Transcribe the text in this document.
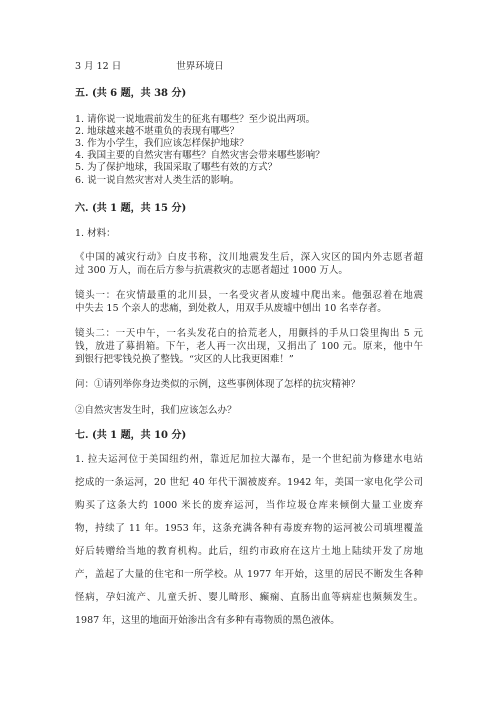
3 月 12 日	世界环境日
五. (共 6 题，共 38 分)
1. 请你说一说地震前发生的征兆有哪些？至少说出两项。
2. 地球越来越不堪重负的表现有哪些？
3. 作为小学生，我们应该怎样保护地球？
4. 我国主要的自然灾害有哪些？自然灾害会带来哪些影响？
5. 为了保护地球，我国采取了哪些有效的方式？
6. 说一说自然灾害对人类生活的影响。
六. (共 1 题，共 15 分)
1. 材料：
《中国的减灾行动》白皮书称，汶川地震发生后，深入灾区的国内外志愿者超
过 300 万人，而在后方参与抗震救灾的志愿者超过 1000 万人。
镜头一：在灾情最重的北川县，一名受灾者从废墟中爬出来。他强忍着在地震
中失去 15 个亲人的悲痛，到处救人，用双手从废墟中刨出 10 名幸存者。
镜头二：一天中午，一名头发花白的拾荒老人，用颤抖的手从口袋里掏出 5 元
钱，放进了募捐箱。下午，老人再一次出现，又捐出了 100 元。原来，他中午
到银行把零钱兑换了整钱。“灾区的人比我更困难！”
问：①请列举你身边类似的示例，这些事例体现了怎样的抗灾精神？
②自然灾害发生时，我们应该怎么办？
七. (共 1 题，共 10 分)
1. 拉夫运河位于美国纽约州，靠近尼加拉大瀑布，是一个世纪前为修建水电站
挖成的一条运河，20 世纪 40 年代干涸被废弃。1942 年，美国一家电化学公司
购买了这条大约 1000 米长的废弃运河，当作垃圾仓库来倾倒大量工业废弃
物，持续了 11 年。1953 年，这条充满各种有毒废弃物的运河被公司填埋覆盖
好后转赠给当地的教育机构。此后，纽约市政府在这片土地上陆续开发了房地
产，盖起了大量的住宅和一所学校。从 1977 年开始，这里的居民不断发生各种
怪病，孕妇流产、儿童夭折、婴儿畸形、癫痫、直肠出血等病症也频频发生。
1987 年，这里的地面开始渗出含有多种有毒物质的黑色液体。
